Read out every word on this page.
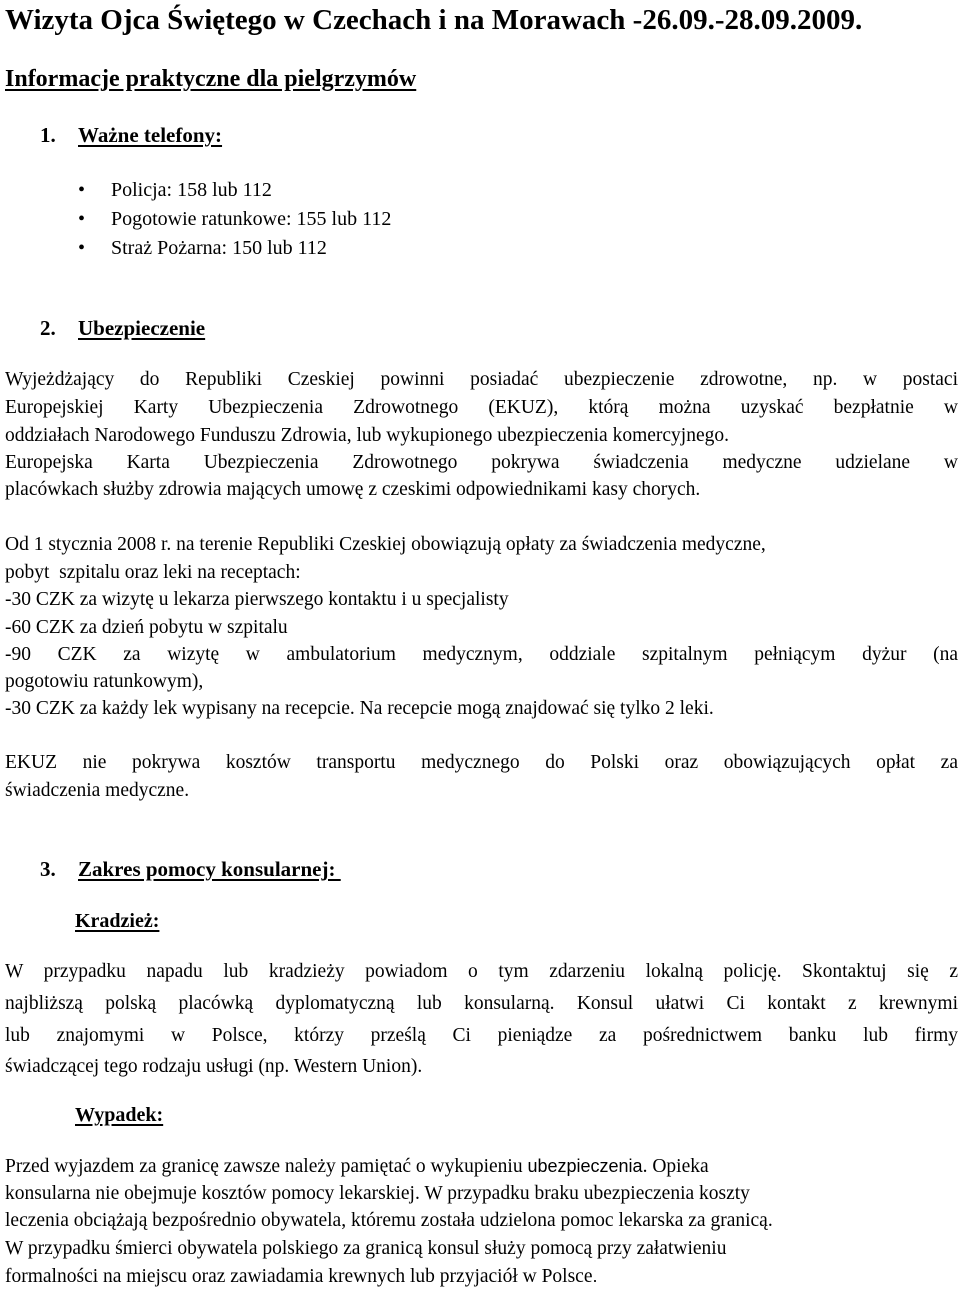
Wizyta Ojca Świętego w Czechach i na Morawach -26.09.-28.09.2009.
Informacje praktyczne dla pielgrzymów
1. Ważne telefony:
• Policja: 158 lub 112
• Pogotowie ratunkowe: 155 lub 112
• Straż Pożarna: 150 lub 112
2. Ubezpieczenie
Wyjeżdżający do Republiki Czeskiej powinni posiadać ubezpieczenie zdrowotne, np. w postaci
Europejskiej Karty Ubezpieczenia Zdrowotnego (EKUZ), którą można uzyskać bezpłatnie w
oddziałach Narodowego Funduszu Zdrowia, lub wykupionego ubezpieczenia komercyjnego.
Europejska Karta Ubezpieczenia Zdrowotnego pokrywa świadczenia medyczne udzielane w
placówkach służby zdrowia mających umowę z czeskimi odpowiednikami kasy chorych.
Od 1 stycznia 2008 r. na terenie Republiki Czeskiej obowiązują opłaty za świadczenia medyczne,
pobyt  szpitalu oraz leki na receptach:
-30 CZK za wizytę u lekarza pierwszego kontaktu i u specjalisty
-60 CZK za dzień pobytu w szpitalu
-90 CZK za wizytę w ambulatorium medycznym, oddziale szpitalnym pełniącym dyżur (na
pogotowiu ratunkowym),
-30 CZK za każdy lek wypisany na recepcie. Na recepcie mogą znajdować się tylko 2 leki.
EKUZ nie pokrywa kosztów transportu medycznego do Polski oraz obowiązujących opłat za
świadczenia medyczne.
3. Zakres pomocy konsularnej:
Kradzież:
W przypadku napadu lub kradzieży powiadom o tym zdarzeniu lokalną policję. Skontaktuj się z
najbliższą polską placówką dyplomatyczną lub konsularną. Konsul ułatwi Ci kontakt z krewnymi
lub znajomymi w Polsce, którzy prześlą Ci pieniądze za pośrednictwem banku lub firmy
świadczącej tego rodzaju usługi (np. Western Union).
Wypadek:
Przed wyjazdem za granicę zawsze należy pamiętać o wykupieniu ubezpieczenia. Opieka
konsularna nie obejmuje kosztów pomocy lekarskiej. W przypadku braku ubezpieczenia koszty
leczenia obciążają bezpośrednio obywatela, któremu została udzielona pomoc lekarska za granicą.
W przypadku śmierci obywatela polskiego za granicą konsul służy pomocą przy załatwieniu
formalności na miejscu oraz zawiadamia krewnych lub przyjaciół w Polsce.
